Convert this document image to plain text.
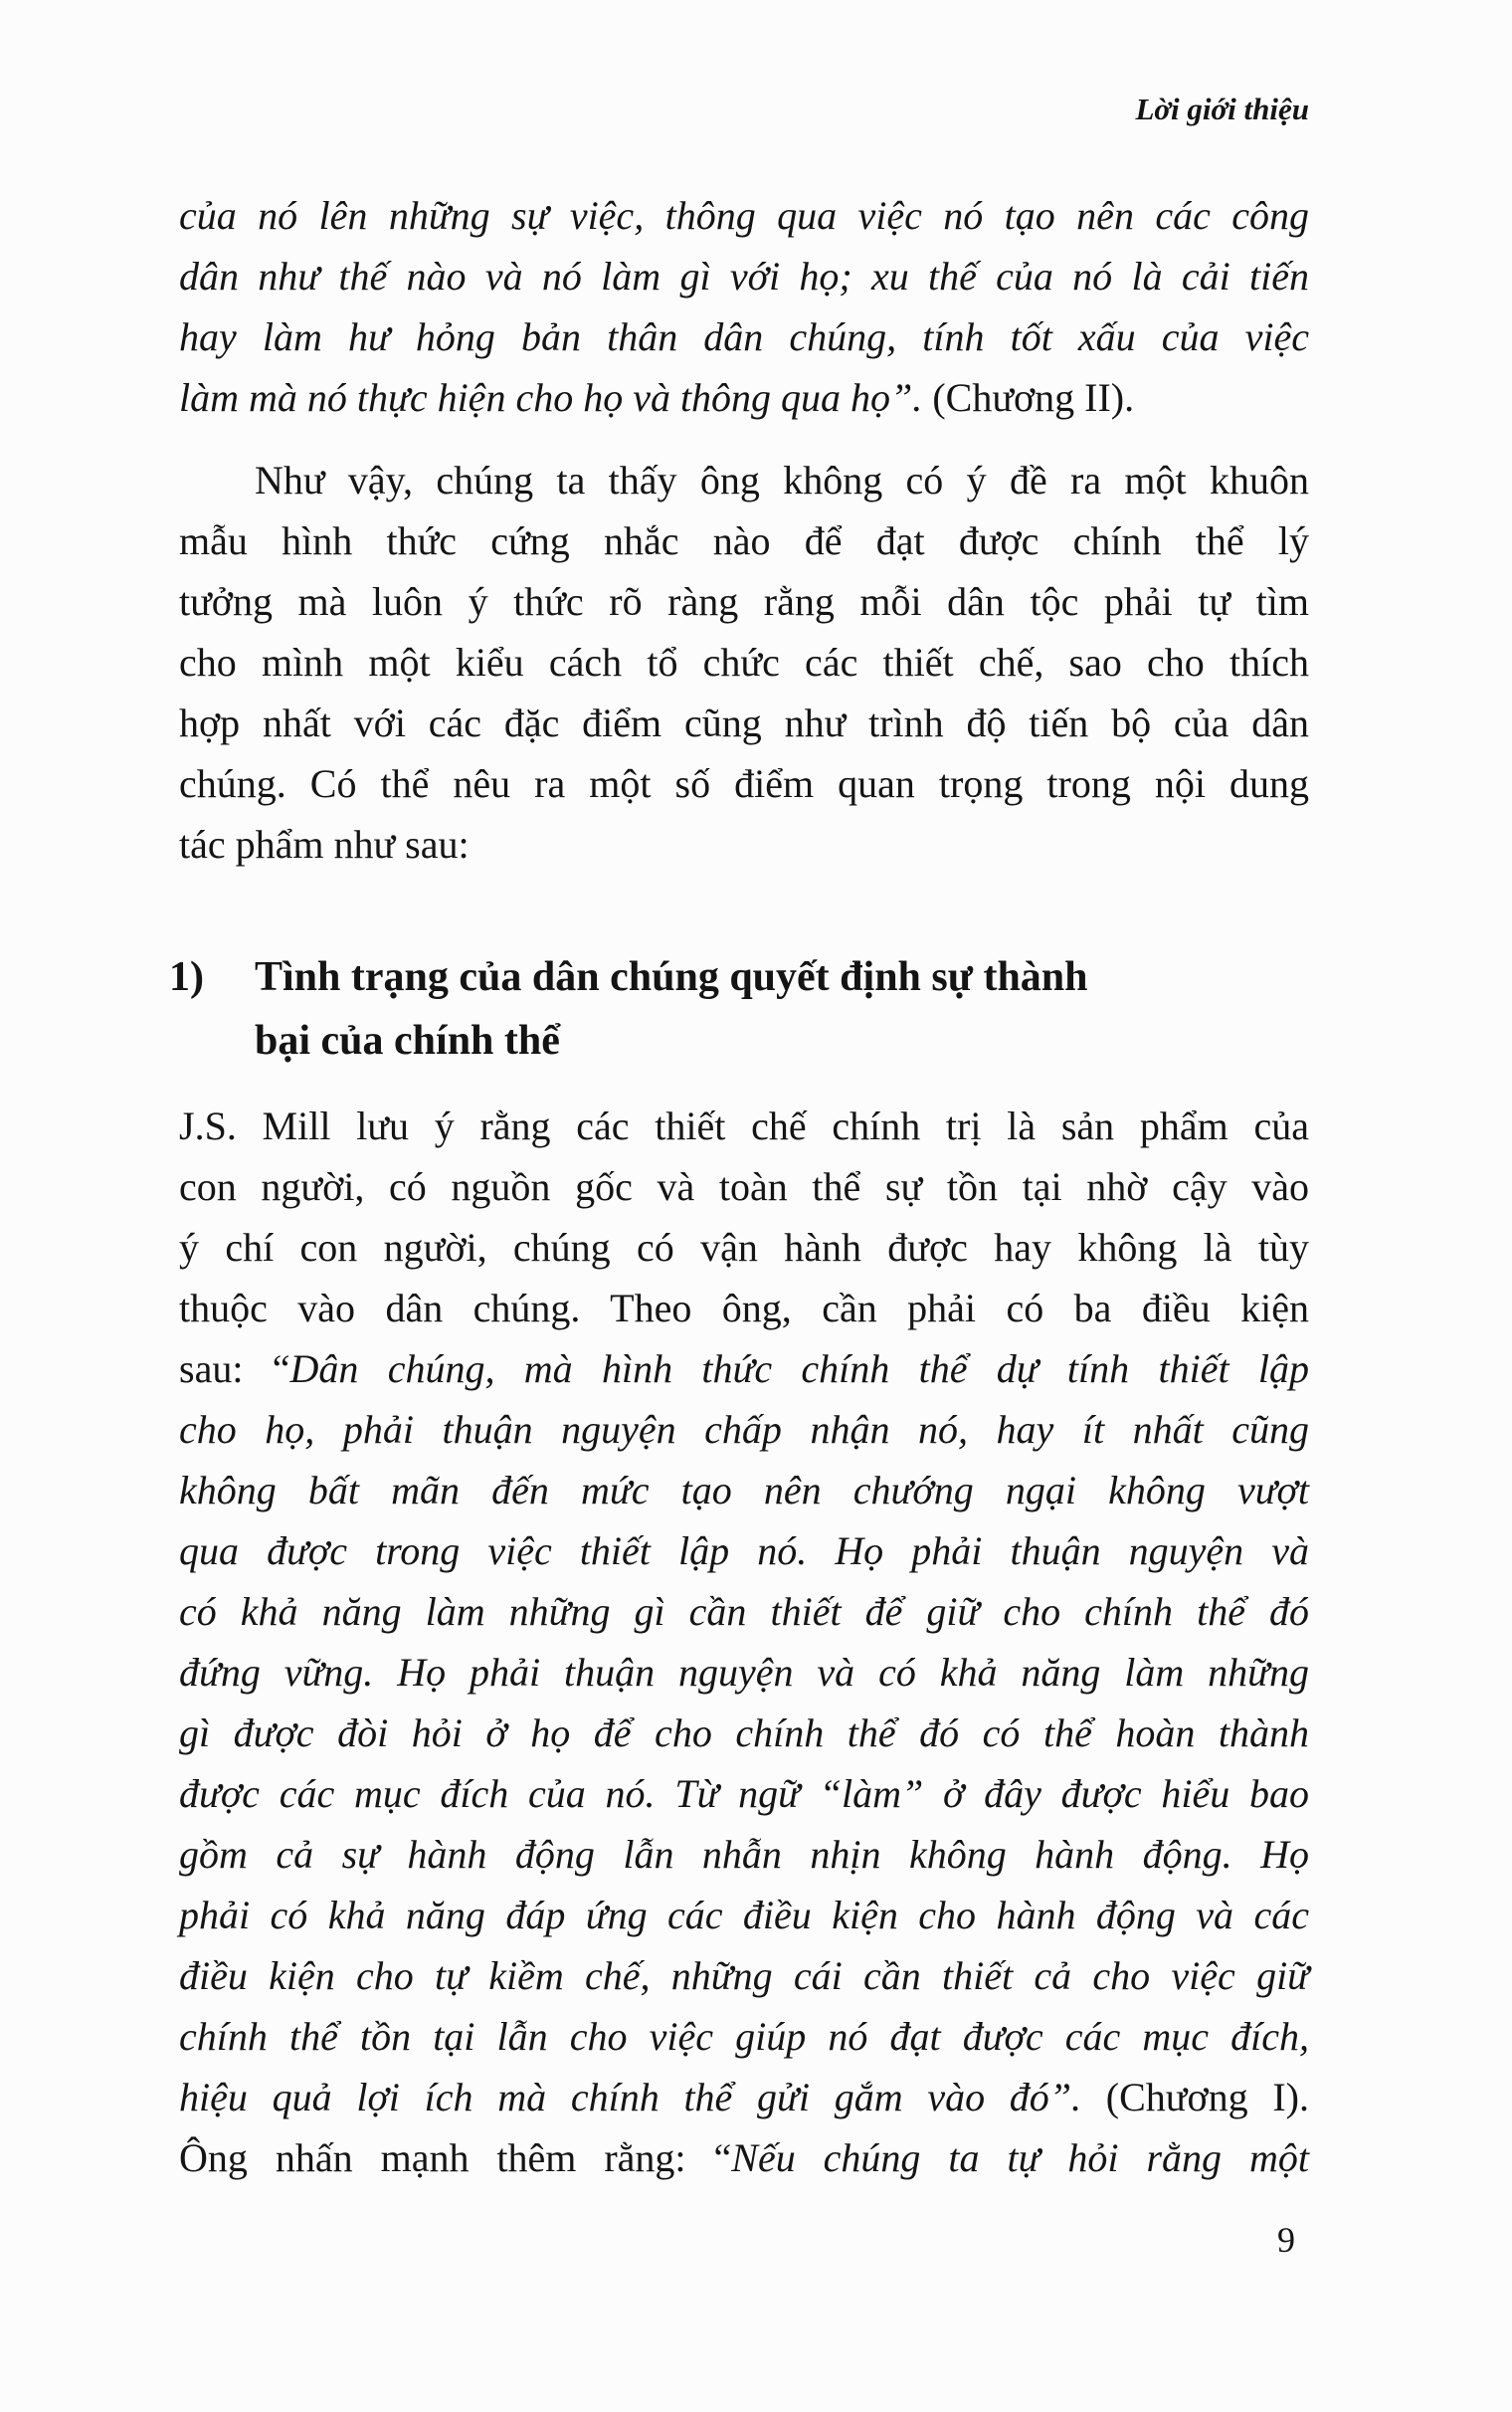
Lời giới thiệu
của nó lên những sự việc, thông qua việc nó tạo nên các công
dân như thế nào và nó làm gì với họ; xu thế của nó là cải tiến
hay làm hư hỏng bản thân dân chúng, tính tốt xấu của việc
làm mà nó thực hiện cho họ và thông qua họ”. (Chương II).
Như vậy, chúng ta thấy ông không có ý đề ra một khuôn
mẫu hình thức cứng nhắc nào để đạt được chính thể lý
tưởng mà luôn ý thức rõ ràng rằng mỗi dân tộc phải tự tìm
cho mình một kiểu cách tổ chức các thiết chế, sao cho thích
hợp nhất với các đặc điểm cũng như trình độ tiến bộ của dân
chúng. Có thể nêu ra một số điểm quan trọng trong nội dung
tác phẩm như sau:
1) Tình trạng của dân chúng quyết định sự thành
bại của chính thể
J.S. Mill lưu ý rằng các thiết chế chính trị là sản phẩm của
con người, có nguồn gốc và toàn thể sự tồn tại nhờ cậy vào
ý chí con người, chúng có vận hành được hay không là tùy
thuộc vào dân chúng. Theo ông, cần phải có ba điều kiện
sau: “Dân chúng, mà hình thức chính thể dự tính thiết lập
cho họ, phải thuận nguyện chấp nhận nó, hay ít nhất cũng
không bất mãn đến mức tạo nên chướng ngại không vượt
qua được trong việc thiết lập nó. Họ phải thuận nguyện và
có khả năng làm những gì cần thiết để giữ cho chính thể đó
đứng vững. Họ phải thuận nguyện và có khả năng làm những
gì được đòi hỏi ở họ để cho chính thể đó có thể hoàn thành
được các mục đích của nó. Từ ngữ “làm” ở đây được hiểu bao
gồm cả sự hành động lẫn nhẫn nhịn không hành động. Họ
phải có khả năng đáp ứng các điều kiện cho hành động và các
điều kiện cho tự kiềm chế, những cái cần thiết cả cho việc giữ
chính thể tồn tại lẫn cho việc giúp nó đạt được các mục đích,
hiệu quả lợi ích mà chính thể gửi gắm vào đó”. (Chương I).
Ông nhấn mạnh thêm rằng: “Nếu chúng ta tự hỏi rằng một
9
